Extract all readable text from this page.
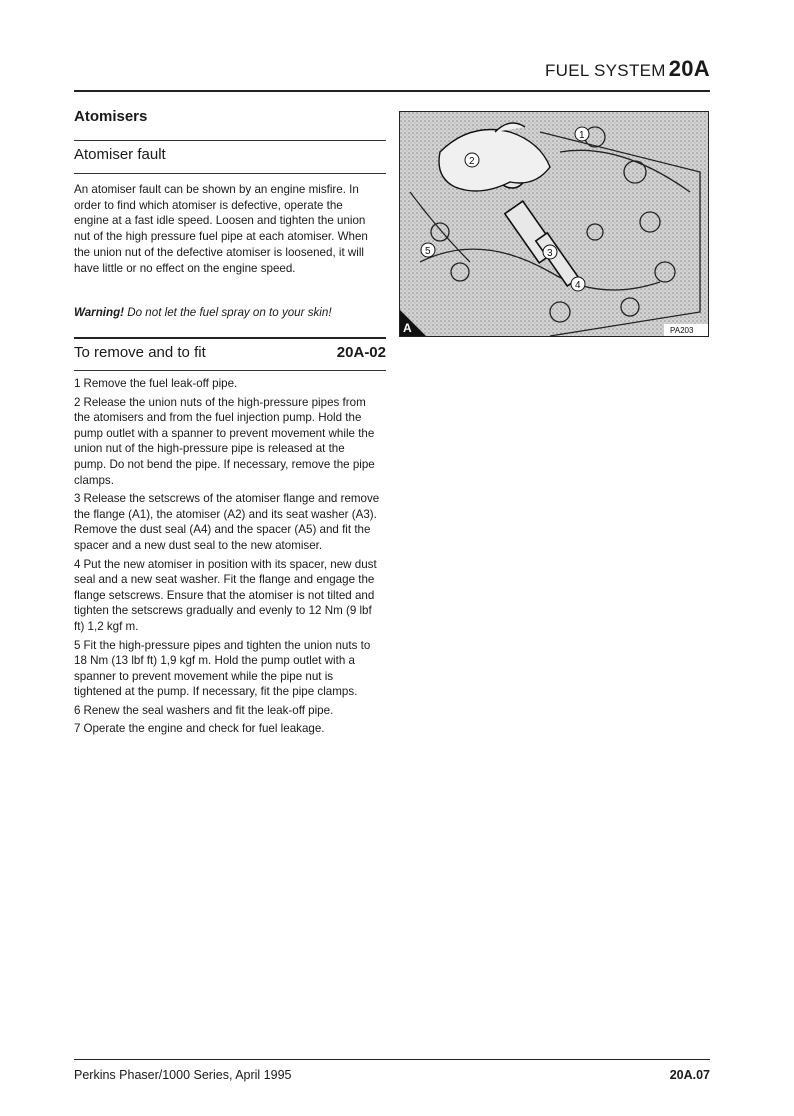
FUEL SYSTEM 20A
Atomisers
Atomiser fault
An atomiser fault can be shown by an engine misfire. In order to find which atomiser is defective, operate the engine at a fast idle speed. Loosen and tighten the union nut of the high pressure fuel pipe at each atomiser. When the union nut of the defective atomiser is loosened, it will have little or no effect on the engine speed.
Warning! Do not let the fuel spray on to your skin!
To remove and to fit	20A-02
1 Remove the fuel leak-off pipe.
2 Release the union nuts of the high-pressure pipes from the atomisers and from the fuel injection pump. Hold the pump outlet with a spanner to prevent movement while the union nut of the high-pressure pipe is released at the pump. Do not bend the pipe. If necessary, remove the pipe clamps.
3 Release the setscrews of the atomiser flange and remove the flange (A1), the atomiser (A2) and its seat washer (A3). Remove the dust seal (A4) and the spacer (A5) and fit the spacer and a new dust seal to the new atomiser.
4 Put the new atomiser in position with its spacer, new dust seal and a new seat washer. Fit the flange and engage the flange setscrews. Ensure that the atomiser is not tilted and tighten the setscrews gradually and evenly to 12 Nm (9 lbf ft) 1,2 kgf m.
5 Fit the high-pressure pipes and tighten the union nuts to 18 Nm (13 lbf ft) 1,9 kgf m. Hold the pump outlet with a spanner to prevent movement while the pipe nut is tightened at the pump. If necessary, fit the pipe clamps.
6 Renew the seal washers and fit the leak-off pipe.
7 Operate the engine and check for fuel leakage.
1
5
2
3
4
A	PA203
Perkins Phaser/1000 Series, April 1995	20A.07
